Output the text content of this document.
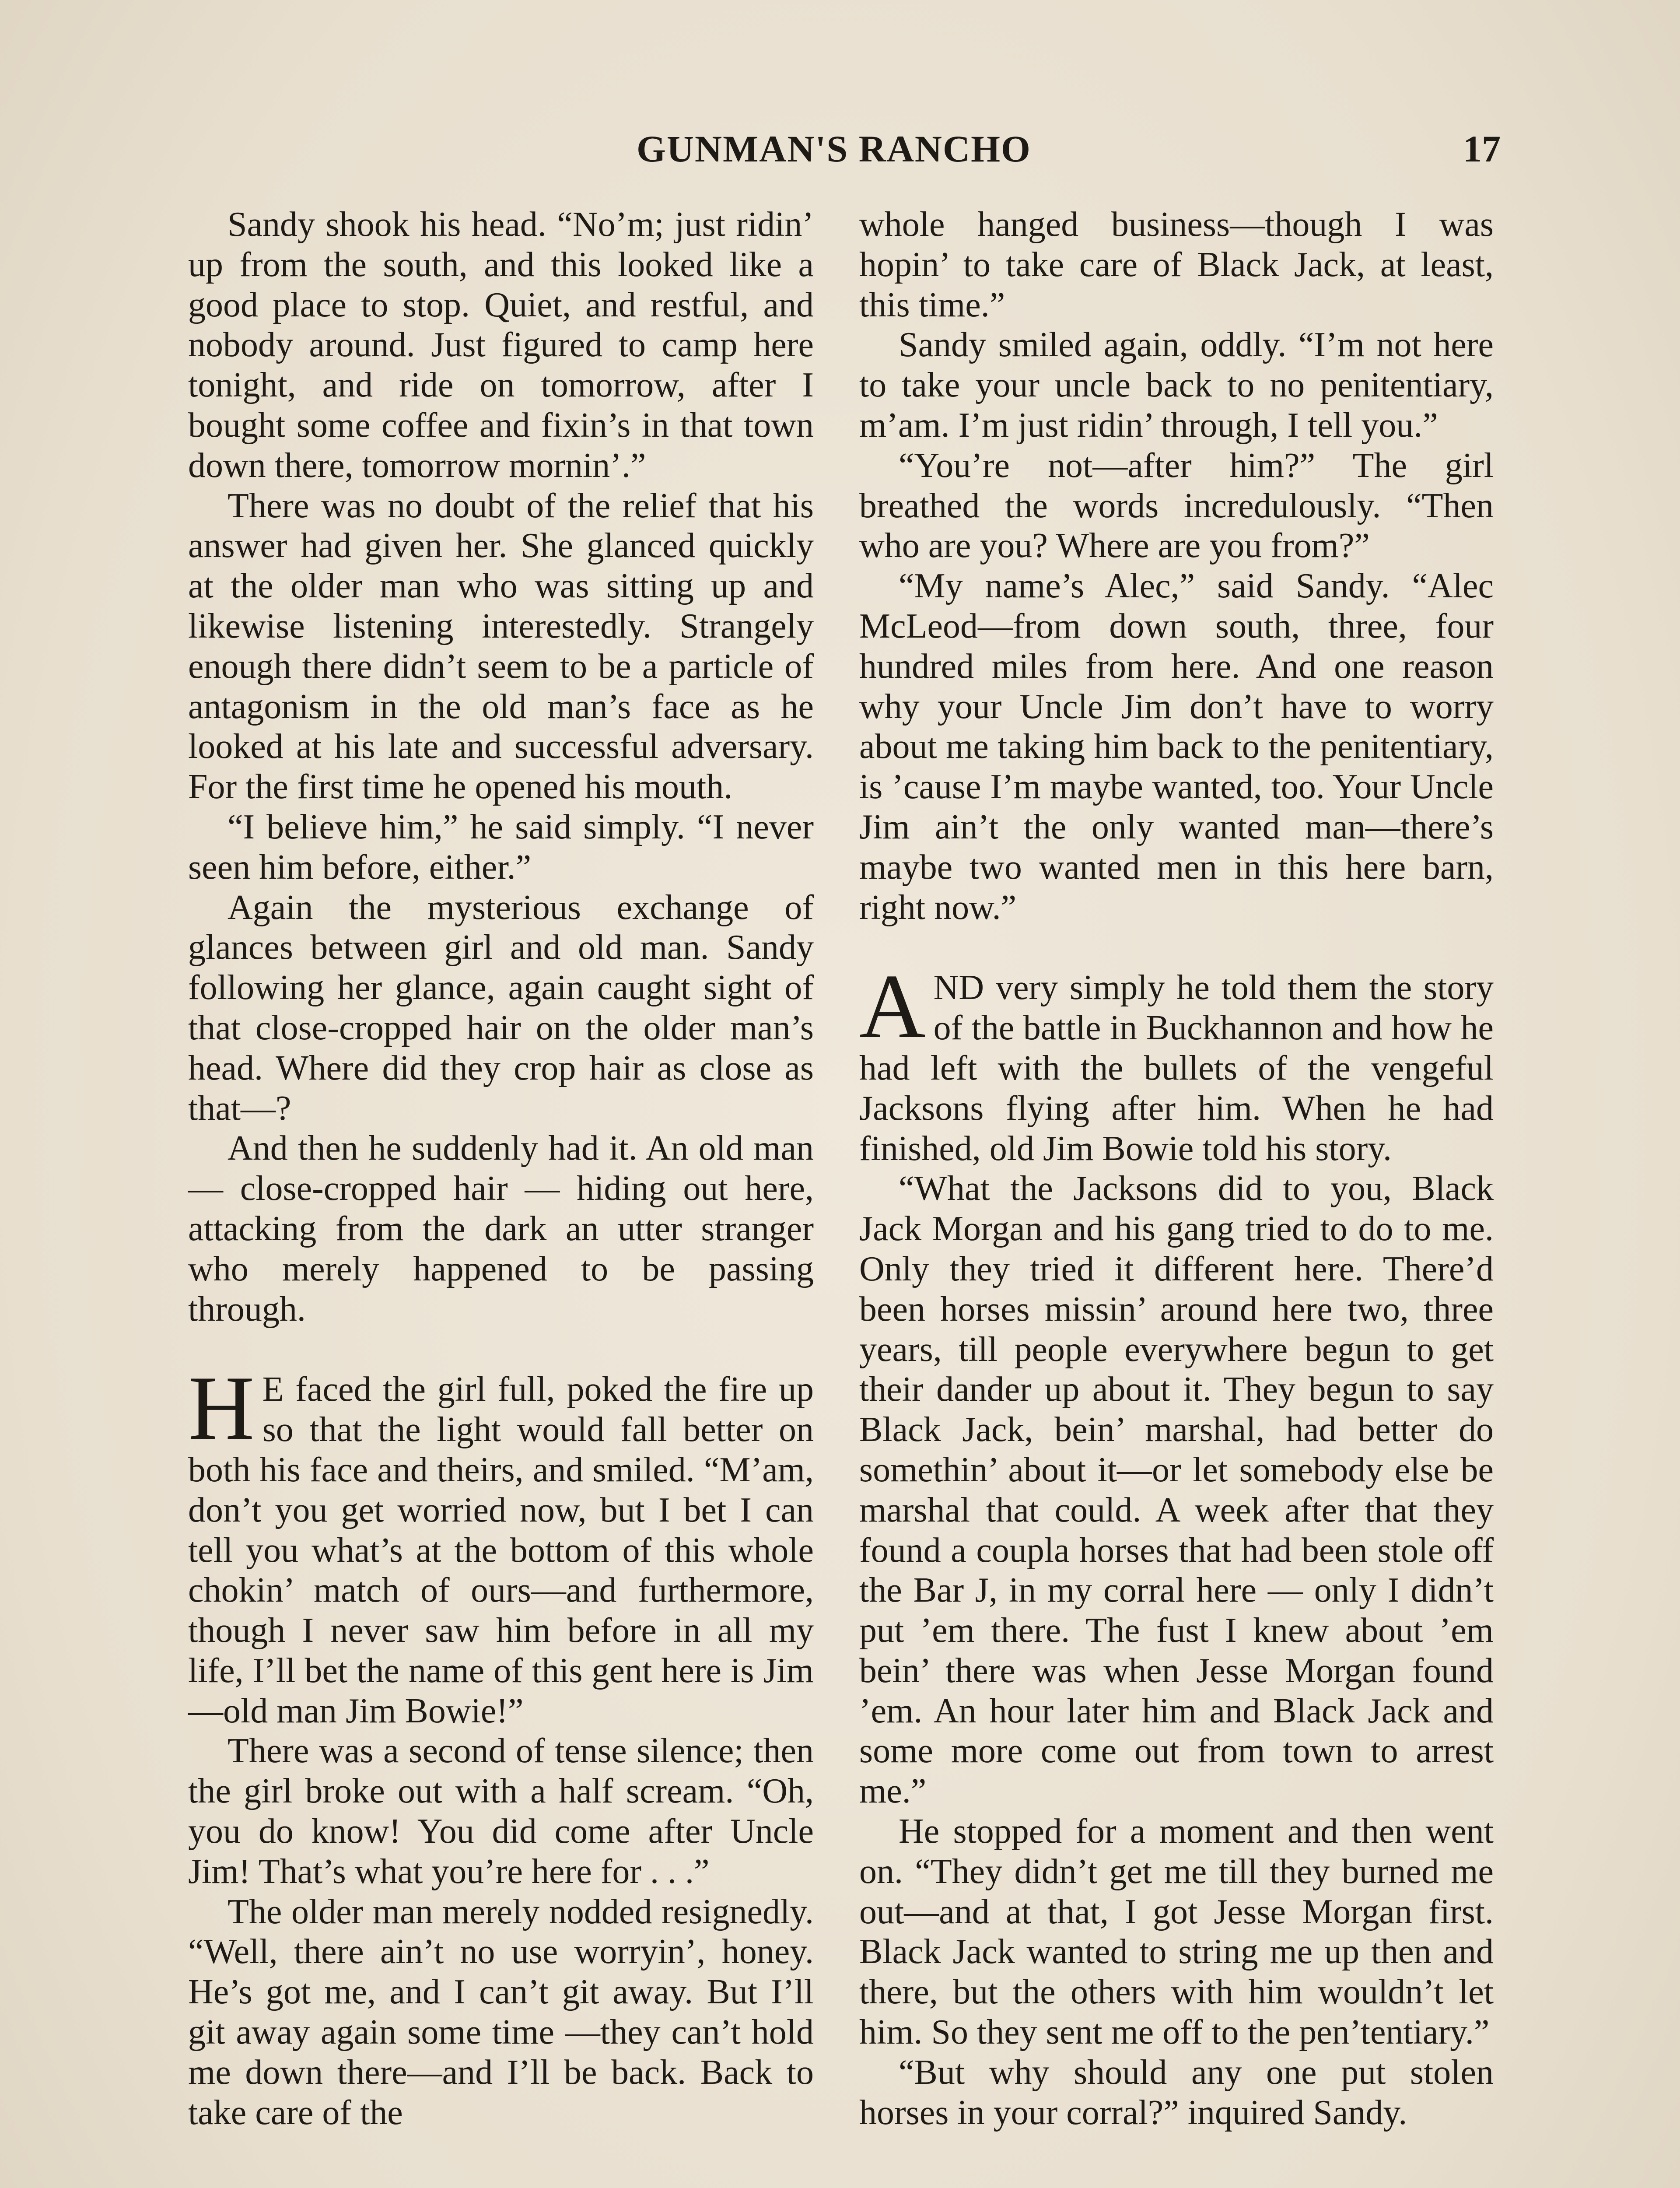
GUNMAN'S RANCHO	17

Sandy shook his head. “No’m; just ridin’ up from the south, and this looked like a good place to stop. Quiet, and restful, and nobody around. Just figured to camp here tonight, and ride on tomorrow, after I bought some coffee and fixin’s in that town down there, tomorrow mornin’.”

There was no doubt of the relief that his answer had given her. She glanced quickly at the older man who was sitting up and likewise listening interestedly. Strangely enough there didn’t seem to be a particle of antagonism in the old man’s face as he looked at his late and successful adversary. For the first time he opened his mouth.

“I believe him,” he said simply. “I never seen him before, either.”

Again the mysterious exchange of glances between girl and old man. Sandy following her glance, again caught sight of that close-cropped hair on the older man’s head. Where did they crop hair as close as that—?

And then he suddenly had it. An old man — close-cropped hair — hiding out here, attacking from the dark an utter stranger who merely happened to be passing through.

H E faced the girl full, poked the fire up so that the light would fall better on both his face and theirs, and smiled. “M’am, don’t you get worried now, but I bet I can tell you what’s at the bottom of this whole chokin’ match of ours—and furthermore, though I never saw him before in all my life, I’ll bet the name of this gent here is Jim—old man Jim Bowie!”

There was a second of tense silence; then the girl broke out with a half scream. “Oh, you do know! You did come after Uncle Jim! That’s what you’re here for . . .”

The older man merely nodded resignedly. “Well, there ain’t no use worryin’, honey. He’s got me, and I can’t git away. But I’ll git away again some time —they can’t hold me down there—and I’ll be back. Back to take care of the

whole hanged business—though I was hopin’ to take care of Black Jack, at least, this time.”

Sandy smiled again, oddly. “I’m not here to take your uncle back to no penitentiary, m’am. I’m just ridin’ through, I tell you.”

“You’re not—after him?” The girl breathed the words incredulously. “Then who are you? Where are you from?”

“My name’s Alec,” said Sandy. “Alec McLeod—from down south, three, four hundred miles from here. And one reason why your Uncle Jim don’t have to worry about me taking him back to the penitentiary, is ’cause I’m maybe wanted, too. Your Uncle Jim ain’t the only wanted man—there’s maybe two wanted men in this here barn, right now.”

AND very simply he told them the story of the battle in Buckhannon and how he had left with the bullets of the vengeful Jacksons flying after him. When he had finished, old Jim Bowie told his story.

“What the Jacksons did to you, Black Jack Morgan and his gang tried to do to me. Only they tried it different here. There’d been horses missin’ around here two, three years, till people everywhere begun to get their dander up about it. They begun to say Black Jack, bein’ marshal, had better do somethin’ about it—or let somebody else be marshal that could. A week after that they found a coupla horses that had been stole off the Bar J, in my corral here — only I didn’t put ’em there. The fust I knew about ’em bein’ there was when Jesse Morgan found ’em. An hour later him and Black Jack and some more come out from town to arrest me.”

He stopped for a moment and then went on. “They didn’t get me till they burned me out—and at that, I got Jesse Morgan first. Black Jack wanted to string me up then and there, but the others with him wouldn’t let him. So they sent me off to the pen’tentiary.”

“But why should any one put stolen horses in your corral?” inquired Sandy.
